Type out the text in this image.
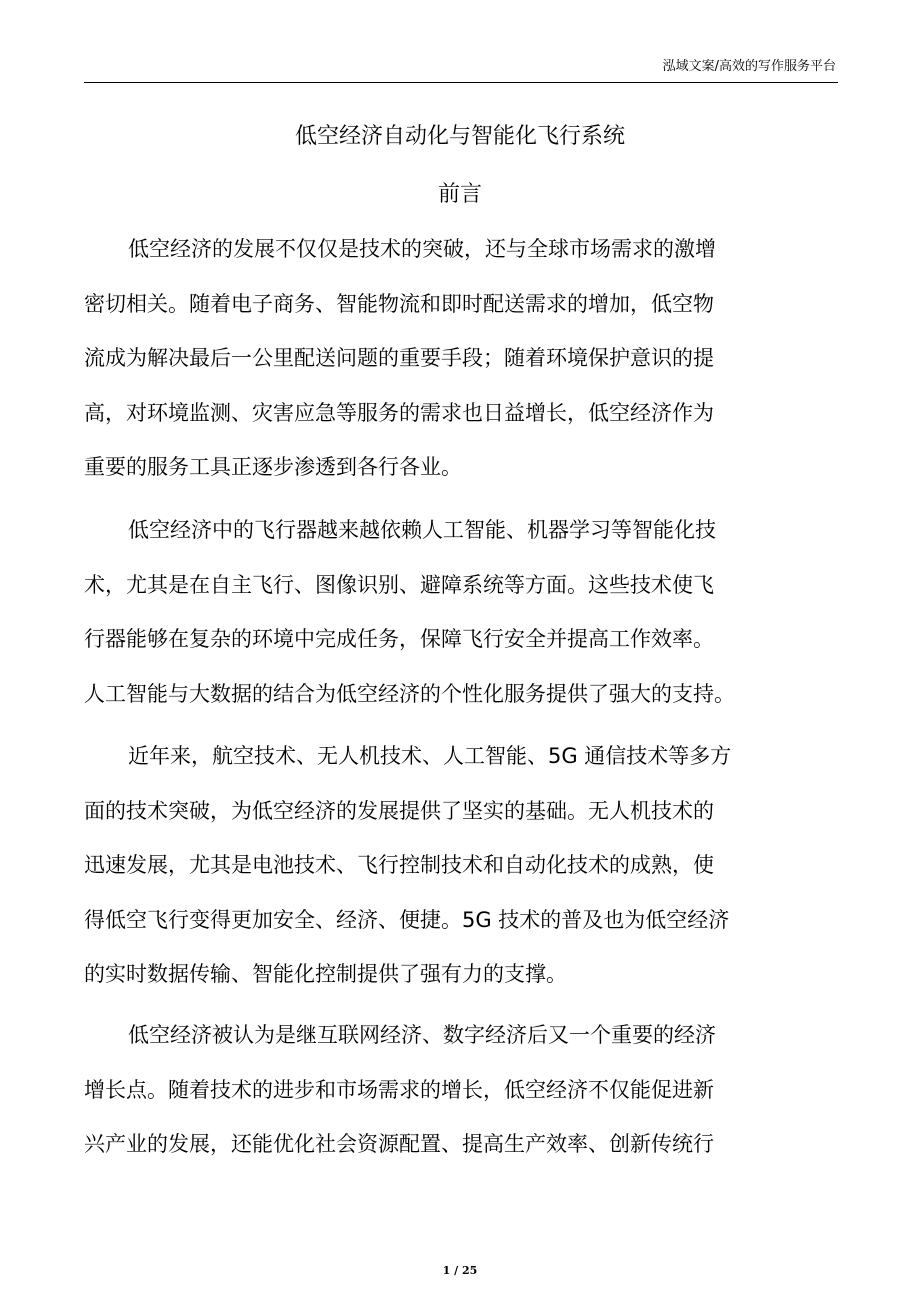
泓域文案/高效的写作服务平台
低空经济自动化与智能化飞行系统
前言
低空经济的发展不仅仅是技术的突破，还与全球市场需求的激增
密切相关。随着电子商务、智能物流和即时配送需求的增加，低空物
流成为解决最后一公里配送问题的重要手段；随着环境保护意识的提
高，对环境监测、灾害应急等服务的需求也日益增长，低空经济作为
重要的服务工具正逐步渗透到各行各业。
低空经济中的飞行器越来越依赖人工智能、机器学习等智能化技
术，尤其是在自主飞行、图像识别、避障系统等方面。这些技术使飞
行器能够在复杂的环境中完成任务，保障飞行安全并提高工作效率。
人工智能与大数据的结合为低空经济的个性化服务提供了强大的支持。
近年来，航空技术、无人机技术、人工智能、5G 通信技术等多方
面的技术突破，为低空经济的发展提供了坚实的基础。无人机技术的
迅速发展，尤其是电池技术、飞行控制技术和自动化技术的成熟，使
得低空飞行变得更加安全、经济、便捷。5G 技术的普及也为低空经济
的实时数据传输、智能化控制提供了强有力的支撑。
低空经济被认为是继互联网经济、数字经济后又一个重要的经济
增长点。随着技术的进步和市场需求的增长，低空经济不仅能促进新
兴产业的发展，还能优化社会资源配置、提高生产效率、创新传统行
1 / 25
